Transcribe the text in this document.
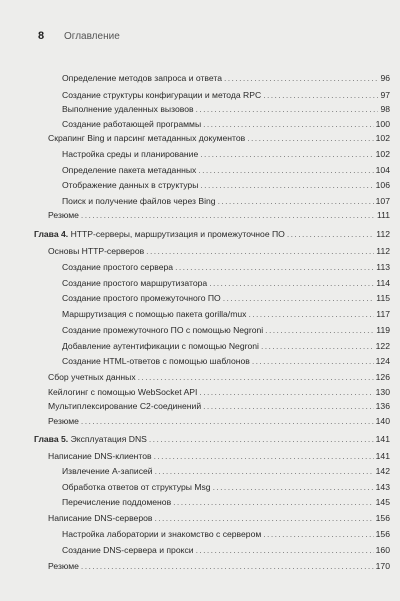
8	Оглавление
Определение методов запроса и ответа . . .	96
Создание структуры конфигурации и метода RPC . . .	97
Выполнение удаленных вызовов . . .	98
Создание работающей программы . . .	100
Скрапинг Bing и парсинг метаданных документов . . .	102
Настройка среды и планирование . . .	102
Определение пакета метаданных . . .	104
Отображение данных в структуры . . .	106
Поиск и получение файлов через Bing . . .	107
Резюме . . .	111
Глава 4. HTTP-серверы, маршрутизация и промежуточное ПО . . .	112
Основы HTTP-серверов . . .	112
Создание простого сервера . . .	113
Создание простого маршрутизатора . . .	114
Создание простого промежуточного ПО . . .	115
Маршрутизация с помощью пакета gorilla/mux . . .	117
Создание промежуточного ПО с помощью Negroni . . .	119
Добавление аутентификации с помощью Negroni . . .	122
Создание HTML-ответов с помощью шаблонов . . .	124
Сбор учетных данных . . .	126
Кейлогинг с помощью WebSocket API . . .	130
Мультиплексирование C2-соединений . . .	136
Резюме . . .	140
Глава 5. Эксплуатация DNS . . .	141
Написание DNS-клиентов . . .	141
Извлечение A-записей . . .	142
Обработка ответов от структуры Msg . . .	143
Перечисление поддоменов . . .	145
Написание DNS-серверов . . .	156
Настройка лаборатории и знакомство с сервером . . .	156
Создание DNS-сервера и прокси . . .	160
Резюме . . .	170
